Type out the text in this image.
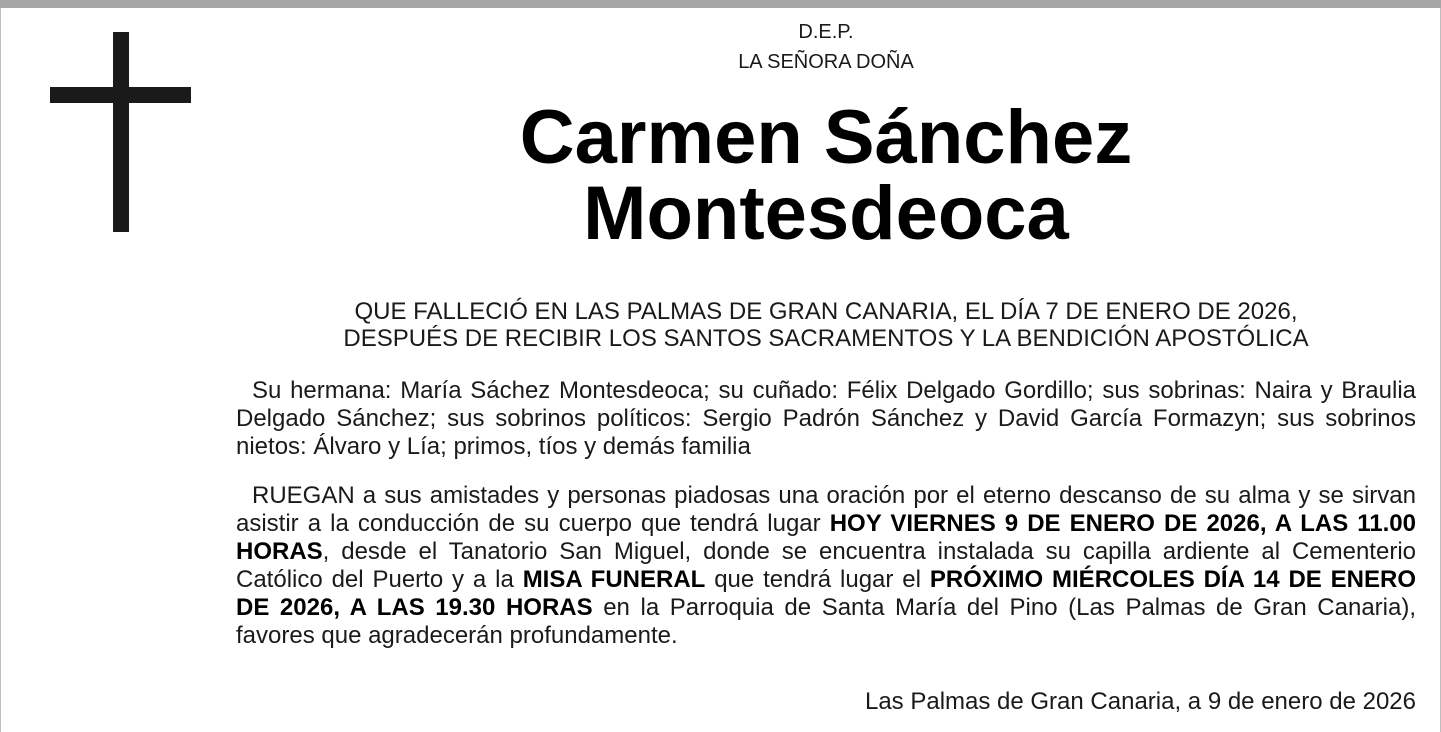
D.E.P.
LA SEÑORA DOÑA
Carmen Sánchez
Montesdeoca
QUE FALLECIÓ EN LAS PALMAS DE GRAN CANARIA, EL DÍA 7 DE ENERO DE 2026,
DESPUÉS DE RECIBIR LOS SANTOS SACRAMENTOS Y LA BENDICIÓN APOSTÓLICA
Su hermana: María Sáchez Montesdeoca; su cuñado: Félix Delgado Gordillo; sus sobrinas: Naira y Braulia Delgado Sánchez; sus sobrinos políticos: Sergio Padrón Sánchez y David García Formazyn; sus sobrinos nietos: Álvaro y Lía; primos, tíos y demás familia
RUEGAN a sus amistades y personas piadosas una oración por el eterno descanso de su alma y se sirvan asistir a la conducción de su cuerpo que tendrá lugar HOY VIERNES 9 DE ENERO DE 2026, A LAS 11.00 HORAS, desde el Tanatorio San Miguel, donde se encuentra instalada su capilla ardiente al Cementerio Católico del Puerto y a la MISA FUNERAL que tendrá lugar el PRÓXIMO MIÉRCOLES DÍA 14 DE ENERO DE 2026, A LAS 19.30 HORAS en la Parroquia de Santa María del Pino (Las Palmas de Gran Canaria), favores que agradecerán profundamente.
Las Palmas de Gran Canaria, a 9 de enero de 2026
